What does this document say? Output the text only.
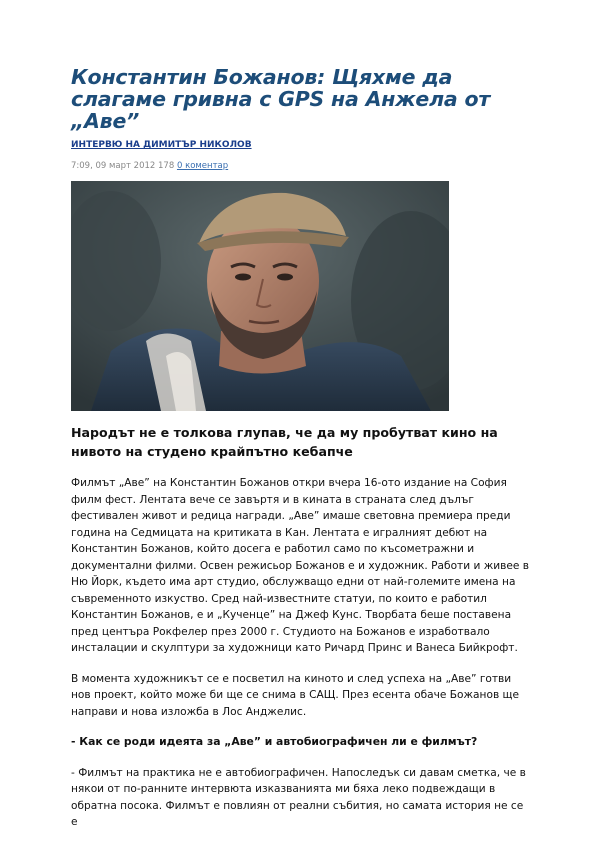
Константин Божанов: Щяхме да слагаме гривна с GPS на Анжела от „Аве”
ИНТЕРВЮ НА ДИМИТЪР НИКОЛОВ
7:09, 09 март 2012 178 0 коментар
Народът не е толкова глупав, че да му пробутват кино на нивото на студено крайпътно кебапче

Филмът „Аве” на Константин Божанов откри вчера 16-ото издание на София филм фест. Лентата вече се завъртя и в кината в страната след дълъг фестивален живот и редица награди. „Аве” имаше световна премиера преди година на Седмицата на критиката в Кан. Лентата е игралният дебют на Константин Божанов, който досега е работил само по късометражни и документални филми. Освен режисьор Божанов е и художник. Работи и живее в Ню Йорк, където има арт студио, обслужващо едни от най-големите имена на съвременното изкуство. Сред най-известните статуи, по които е работил Константин Божанов, е и „Кученце” на Джеф Кунс. Творбата беше поставена пред центъра Рокфелер през 2000 г. Студиото на Божанов е изработвало инсталации и скулптури за художници като Ричард Принс и Ванеса Бийкрофт.

В момента художникът се е посветил на киното и след успеха на „Аве” готви нов проект, който може би ще се снима в САЩ. През есента обаче Божанов ще направи и нова изложба в Лос Анджелис.

- Как се роди идеята за „Аве” и автобиографичен ли е филмът?

- Филмът на практика не е автобиографичен. Напоследък си давам сметка, че в някои от по-ранните интервюта изказванията ми бяха леко подвеждащи в обратна посока. Филмът е повлиян от реални събития, но самата история не се е
